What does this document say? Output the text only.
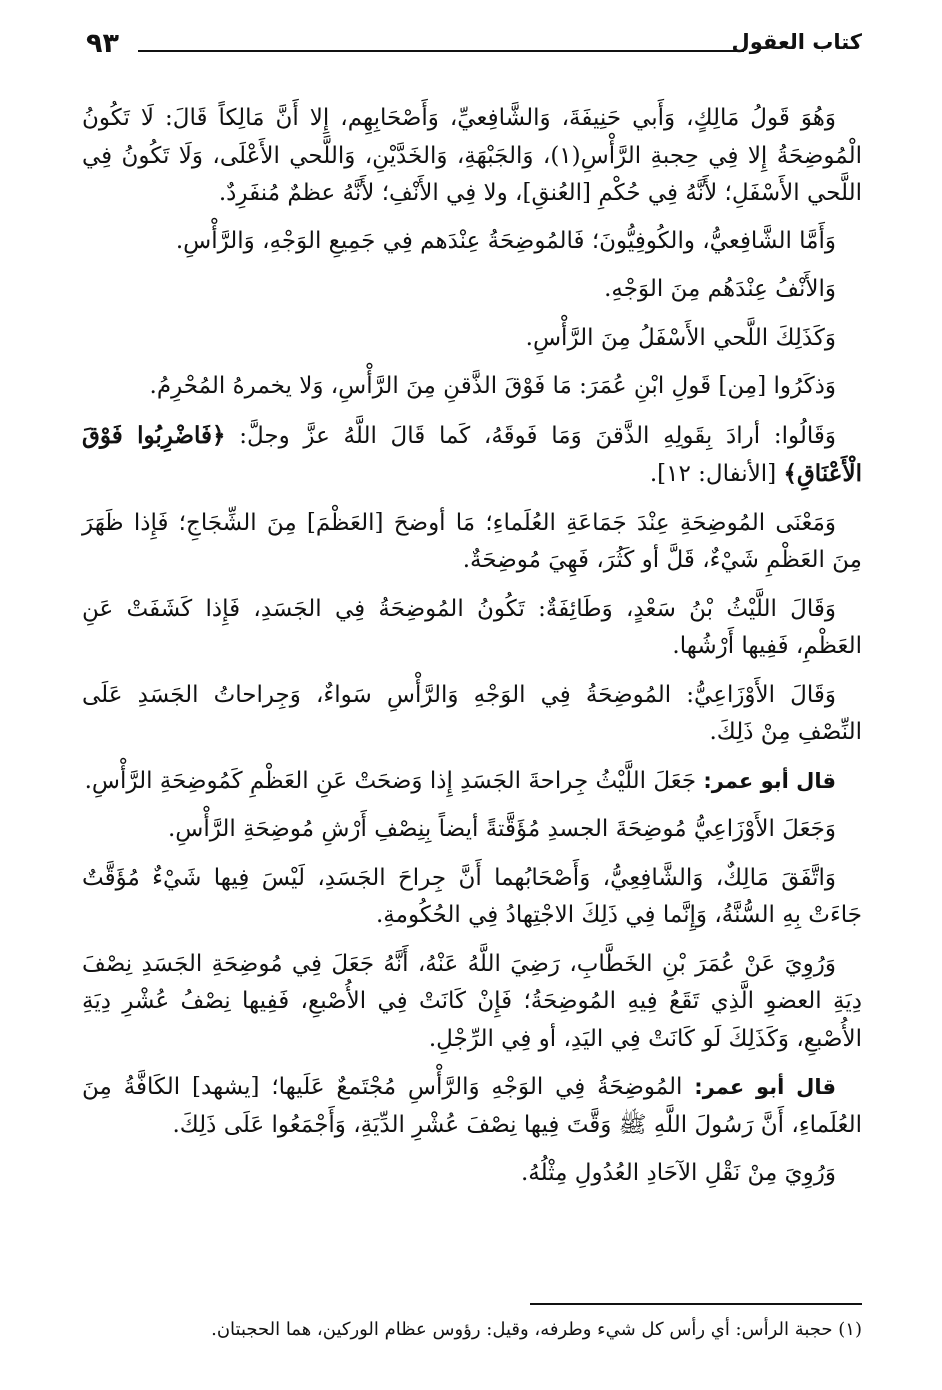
كتاب العقول
٩٣

وَهُوَ قَولُ مَالِكٍ، وَأَبي حَنِيفَةَ، وَالشَّافِعيِّ، وَأَصْحَابِهِم، إِلا أَنَّ مَالِكاً قَالَ: لَا تَكُونُ الْمُوضِحَةُ إِلا فِي حِجبةِ الرَّأْسِ(١)، وَالجَبْهَةِ، وَالخَدَّيْنِ، وَاللَّحي الأَعْلَى، وَلَا تَكُونُ فِي اللَّحي الأَسْفَلِ؛ لأَنَّهُ فِي حُكْمِ [العُنقِ]، ولا فِي الأَنْفِ؛ لأَنَّهُ عظمٌ مُنفَرِدٌ.

وَأَمَّا الشَّافِعيُّ، والكُوفِيُّونَ؛ فَالمُوضِحَةُ عِنْدَهم فِي جَمِيعِ الوَجْهِ، وَالرَّأْسِ.

وَالأَنْفُ عِنْدَهُم مِنَ الوَجْهِ.

وَكَذَلِكَ اللَّحي الأَسْفَلُ مِنَ الرَّأْسِ.

وَذكَرُوا [مِن] قَولِ ابْنِ عُمَرَ: مَا فَوْقَ الذَّقنِ مِنَ الرَّأْسِ، وَلا يخمرهُ المُحْرِمُ.

وَقَالُوا: أرادَ بِقَولِهِ الذَّقنَ وَمَا فَوقَهُ، كَما قَالَ اللَّهُ عزَّ وجلَّ: ﴿فَاضْرِبُوا فَوْقَ الْأَعْنَاقِ﴾ [الأنفال: ١٢].

وَمَعْنَى المُوضِحَةِ عِنْدَ جَمَاعَةِ العُلَماءِ؛ مَا أوضحَ [العَظْمَ] مِنَ الشِّجَاجِ؛ فَإِذا ظَهَرَ مِنَ العَظْمِ شَيْءٌ، قَلَّ أو كَثُرَ، فَهِيَ مُوضِحَةٌ.

وَقَالَ اللَّيْثُ بْنُ سَعْدٍ، وَطَائِفَةٌ: تَكُونُ المُوضِحَةُ فِي الجَسَدِ، فَإِذا كَشَفَتْ عَنِ العَظْمِ، فَفِيها أَرْشُها.

وَقَالَ الأَوْزَاعِيُّ: المُوضِحَةُ فِي الوَجْهِ وَالرَّأْسِ سَواءٌ، وَجِراحاتُ الجَسَدِ عَلَى النِّصْفِ مِنْ ذَلِكَ.

قال أبو عمر: جَعَلَ اللَّيْثُ جِراحةَ الجَسَدِ إِذا وَضحَتْ عَنِ العَظْمِ كَمُوضِحَةِ الرَّأْسِ.

وَجَعَلَ الأَوْزَاعِيُّ مُوضِحَةَ الجسدِ مُؤَقَّتةً أيضاً بِنِصْفِ أَرْشِ مُوضِحَةِ الرَّأْسِ.

وَاتَّفَقَ مَالِكٌ، وَالشَّافِعِيُّ، وَأَصْحَابُهما أَنَّ جِراحَ الجَسَدِ، لَيْسَ فِيها شَيْءٌ مُؤَقَّتٌ جَاءَتْ بِهِ السُّنَّةُ، وَإِنَّما فِي ذَلِكَ الاجْتِهادُ فِي الحُكُومةِ.

وَرُوِيَ عَنْ عُمَرَ بْنِ الخَطَّابِ، رَضِيَ اللَّهُ عَنْهُ، أَنَّهُ جَعَلَ فِي مُوضِحَةِ الجَسَدِ نِصْفَ دِيَةِ العضوِ الَّذِي تَقَعُ فِيهِ المُوضِحَةُ؛ فَإِنْ كَانَتْ فِي الأُصْبعِ، فَفِيها نِصْفُ عُشْرِ دِيَةِ الأُصْبعِ، وَكَذَلِكَ لَو كَانَتْ فِي اليَدِ، أو فِي الرِّجْلِ.

قال أبو عمر: المُوضِحَةُ فِي الوَجْهِ وَالرَّأْسِ مُجْتَمعٌ عَلَيها؛ [يشهد] الكَافَّةُ مِنَ العُلَماءِ، أَنَّ رَسُولَ اللَّهِ ﷺ وَقَّتَ فِيها نِصْفَ عُشْرِ الدِّيَةِ، وَأَجْمَعُوا عَلَى ذَلِكَ.

وَرُوِيَ مِنْ نَقْلِ الآحَادِ العُدُولِ مِثْلُهُ.

(١) حجبة الرأس: أي رأس كل شيء وطرفه، وقيل: رؤوس عظام الوركين، هما الحجبتان.
